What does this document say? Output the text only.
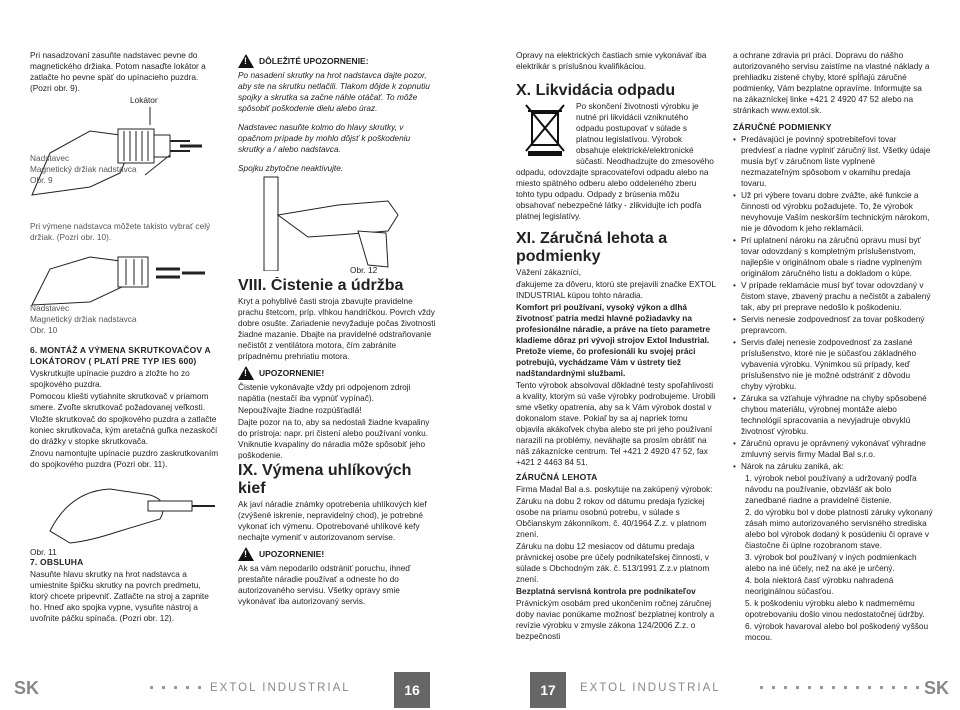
Pri nasadzovaní zasuňte nadstavec pevne do magnetického držiaka. Potom nasaďte lokátor a zatlačte ho pevne späť do upínacieho puzdra. (Pozri obr. 9).

Lokátor
Nadstavec
Magnetický držiak nadstavca
Obr. 9

Pri výmene nadstavca môžete takisto vybrať celý držiak. (Pozri obr. 10).

Nadstavec
Magnetický držiak nadstavca
Obr. 10

6. MONTÁŽ A VÝMENA SKRUTKOVAČOV A LOKÁTOROV ( PLATÍ PRE TYP IES 600)

Vyskrutkujte upínacie puzdro a zložte ho zo spojkového puzdra.

Pomocou kliešti vytiahnite skrutkovač v priamom smere. Zvoľte skrutkovač požadovanej veľkosti.

Vložte skrutkovač do spojkového puzdra a zatlačte koniec skrutkovača, kým aretačná guľka nezaskočí do drážky v stopke skrutkovača.

Znovu namontujte upínacie puzdro zaskrutkovaním do spojkového puzdra (Pozri obr. 11).

Obr. 11

7. OBSLUHA

Nasuňte hlavu skrutky na hrot nadstavca a umiestnite špičku skrutky na povrch predmetu, ktorý chcete pripevniť. Zatlačte na stroj a zapnite ho. Hneď ako spojka vypne, vysuňte nástroj a uvoľnite páčku spínača. (Pozri obr. 12).

!
DÔLEŽITÉ UPOZORNENIE:

Po nasadení skrutky na hrot nadstavca dajte pozor, aby ste na skrutku netlačili. Tlakom dôjde k zopnutiu spojky a skrutka sa začne náhle otáčať. To môže spôsobiť poškodenie dielu alebo úraz.

Nadstavec nasuňte kolmo do hlavy skrutky, v opačnom prípade by mohlo dôjsť k poškodeniu skrutky a / alebo nadstavca.

Spojku zbytočne neaktivujte.

Obr. 12

VIII. Čistenie a údržba

Kryt a pohyblivé časti stroja zbavujte pravidelne prachu štetcom, príp. vlhkou handričkou. Povrch vždy dobre osušte. Zariadenie nevyžaduje počas životnosti žiadne mazanie. Dbajte na pravidelné odstraňovanie nečistôt z ventilátora motora, čím zabránite prípadnému prehriatiu motora.

!
UPOZORNENIE!

Čistenie vykonávajte vždy pri odpojenom zdroji napätia (nestačí iba vypnúť vypínač).

Nepoužívajte žiadne rozpúšťadlá!

Dajte pozor na to, aby sa nedostali žiadne kvapaliny do prístroja: napr. pri čistení alebo používaní vonku. Vniknutie kvapaliny do náradia môže spôsobiť jeho poškodenie.

IX. Výmena uhlíkových kief

Ak javí náradie známky opotrebenia uhlíkových kief (zvýšené iskrenie, nepravidelný chod), je potrebné vykonať ich výmenu. Opotrebované uhlíkové kefy nechajte vymeniť v autorizovanom servise.

!
UPOZORNENIE!

Ak sa vám nepodarilo odstrániť poruchu, ihneď prestaňte náradie používať a odneste ho do autorizovaného servisu. Všetky opravy smie vykonávať iba autorizovaný servis.

Opravy na elektrických častiach smie vykonávať iba elektrikár s príslušnou kvalifikáciou.

X. Likvidácia odpadu

Po skončení životnosti výrobku je nutné pri likvidácii vzniknutého odpadu postupovať v súlade s platnou legislatívou. Výrobok obsahuje elektrické/elektronické súčasti. Neodhadzujte do zmesového odpadu, odovzdajte spracovateľovi odpadu alebo na miesto spätného odberu alebo oddeleného zberu tohto typu odpadu. Odpady z brúsenia môžu obsahovať nebezpečné látky - zlikvidujte ich podľa platnej legislatívy.

XI. Záručná lehota a podmienky

Vážení zákazníci,

ďakujeme za dôveru, ktorú ste prejavili značke EXTOL INDUSTRIAL kúpou tohto náradia.

Komfort pri používaní, vysoký výkon a dlhá životnosť patria medzi hlavné požiadavky na profesionálne náradie, a práve na tieto parametre kladieme dôraz pri vývoji strojov Extol Industrial. Pretože vieme, čo profesionáli ku svojej práci potrebujú, vychádzame Vám v ústrety tiež nadštandardnými službami.

Tento výrobok absolvoval dôkladné testy spoľahlivosti a kvality, ktorým sú vaše výrobky podrobujeme. Urobili sme všetky opatrenia, aby sa k Vám výrobok dostal v dokonalom stave. Pokiaľ by sa aj napriek tomu objavila akákoľvek chyba alebo ste pri jeho používaní narazili na problémy, neváhajte sa prosím obrátiť na náš zákaznícke centrum. Tel +421 2 4920 47 52, fax +421 2 4463 84 51.

ZÁRUČNÁ LEHOTA

Firma Madal Bal a.s. poskytuje na zakúpený výrobok:

Záruku na dobu 2 rokov od dátumu predaja fyzickej osobe na priamu osobnú potrebu, v súlade s Občianskym zákonníkom. č. 40/1964 Z.z. v platnom znení.

Záruku na dobu 12 mesiacov od dátumu predaja právnickej osobe pre účely podnikateľskej činnosti, v súlade s Obchodným zák. č. 513/1991 Z.z.v platnom znení.

Bezplatná servisná kontrola pre podnikateľov

Právnickým osobám pred ukončením ročnej záručnej doby naviac ponúkame možnosť bezplatnej kontroly a revízie výrobku v zmysle zákona 124/2006 Z.z. o bezpečnosti

a ochrane zdravia pri práci. Dopravu do nášho autorizovaného servisu zaistíme na vlastné náklady a prehliadku zistené chyby, ktoré spĺňajú záručné podmienky, Vám bezplatne opravíme. Informujte sa na zákazníckej linke +421 2 4920 47 52 alebo na stránkach www.extol.sk.

ZÁRUČNÉ PODMIENKY

• Predávajúci je povinný spotrebiteľovi tovar predviesť a riadne vyplniť záručný list. Všetky údaje musia byť v záručnom liste vyplnené nezmazateľným spôsobom v okamihu predaja tovaru.
• Už pri výbere tovaru dobre zvážte, aké funkcie a činnosti od výrobku požadujete. To, že výrobok nevyhovuje Vaším neskorším technickým nárokom, nie je dôvodom k jeho reklamácii.
• Pri uplatnení nároku na záručnú opravu musí byť tovar odovzdaný s kompletným príslušenstvom, najlepšie v originálnom obale s riadne vyplneným originálom záručného listu a dokladom o kúpe.
• V prípade reklamácie musí byť tovar odovzdaný v čistom stave, zbavený prachu a nečistôt a zabalený tak, aby pri preprave nedošlo k poškodeniu.
• Servis nenesie zodpovednosť za tovar poškodený prepravcom.
• Servis ďalej nenesie zodpovednosť za zaslané príslušenstvo, ktoré nie je súčasťou základného vybavenia výrobku. Výnimkou sú prípady, keď príslušenstvo nie je možné odstrániť z dôvodu chyby výrobku.
• Záruka sa vzťahuje výhradne na chyby spôsobené chybou materiálu, výrobnej montáže alebo technológií spracovania a nevyjadruje obvyklú životnosť výrobku.
• Záručnú opravu je oprávnený vykonávať výhradne zmluvný servis firmy Madal Bal s.r.o.
• Nárok na záruku zaniká, ak:
1. výrobok nebol používaný a udržovaný podľa návodu na používanie, obzvlášť ak bolo zanedbané riadne a pravidelné čistenie.
2. do výrobku bol v dobe platnosti záruky vykonaný zásah mimo autorizovaného servisného strediska alebo bol výrobok dodaný k posúdeniu či oprave v čiastočne či úplne rozobranom stave.
3. výrobok bol používaný v iných podmienkach alebo na iné účely, než na aké je určený.
4. bola niektorá časť výrobku nahradená neoriginálnou súčasťou.
5. k poškodeniu výrobku alebo k nadmernému opotrebovaniu došlo vinou nedostatočnej údržby.
6. výrobok havaroval alebo bol poškodený vyššou mocou.
SK	EXTOL INDUSTRIAL	16	17	EXTOL INDUSTRIAL	SK
